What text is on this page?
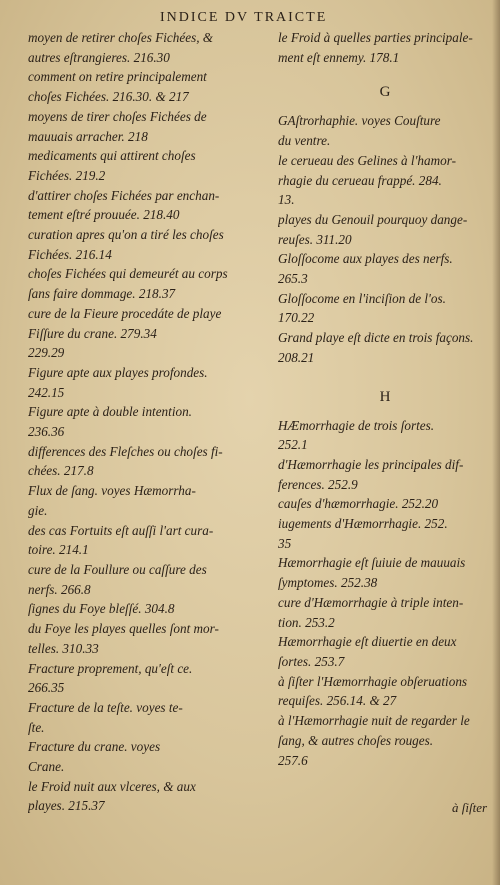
INDICE DV TRAICTE

moyen de retirer choſes Fichées, &

autres eſtrangieres. 216.30

comment on retire principalement

choſes Fichées. 216.30. & 217

moyens de tirer choſes Fichées de

mauuais arracher. 218

medicaments qui attirent choſes

Fichées. 219.2

d'attirer choſes Fichées par enchan-

tement eſtré prouuée. 218.40

curation apres qu'on a tiré les choſes

Fichées. 216.14

choſes Fichées qui demeurét au corps

ſans faire dommage. 218.37

cure de la Fieure procedáte de playe

Fiſſure du crane. 279.34

229.29

Figure apte aux playes profondes.

242.15

Figure apte à double intention.

236.36

differences des Fleſches ou choſes fi-

chées. 217.8

Flux de ſang. voyes Hæmorrha-

gie.

des cas Fortuits eſt auſſi l'art cura-

toire. 214.1

cure de la Foullure ou caſſure des

nerfs. 266.8

ſignes du Foye bleſſé. 304.8

du Foye les playes quelles ſont mor-

telles. 310.33

Fracture proprement, qu'eſt ce.

266.35

Fracture de la teſte. voyes te-

ſte.

Fracture du crane. voyes

Crane.

le Froid nuit aux vlceres, & aux

playes. 215.37

le Froid à quelles parties principale-

ment eſt ennemy. 178.1

G

GAſtrorhaphie. voyes Couſture

du ventre.

le cerueau des Gelines à l'hamor-

rhagie du cerueau frappé. 284.

13.

playes du Genouil pourquoy dange-

reuſes. 311.20

Gloſſocome aux playes des nerfs.

265.3

Gloſſocome en l'inciſion de l'os.

170.22

Grand playe eſt dicte en trois façons.

208.21

H

HÆmorrhagie de trois ſortes.

252.1

d'Hæmorrhagie les principales dif-

ferences. 252.9

cauſes d'hæmorrhagie. 252.20

iugements d'Hæmorrhagie. 252.

35

Hæmorrhagie eſt ſuiuie de mauuais

ſymptomes. 252.38

cure d'Hæmorrhagie à triple inten-

tion. 253.2

Hæmorrhagie eſt diuertie en deux

ſortes. 253.7

à ſiſter l'Hæmorrhagie obſeruations

requiſes. 256.14. & 27

à l'Hæmorrhagie nuit de regarder le

ſang, & autres choſes rouges.

257.6

à ſiſter
